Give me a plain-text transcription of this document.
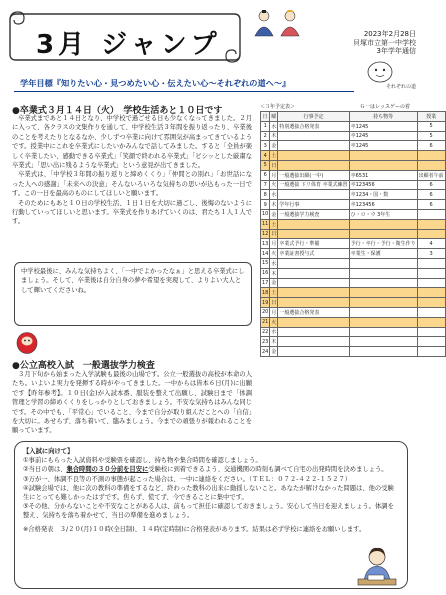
3月 ジャンプ	2023年2月28日
貝塚市立第一中学校
3年学年通信
それぞれの道
学年目標『知りたい心・見つめたい心・伝えたい心〜それぞれの道へ〜』
●卒業式３月１４日（火）　学校生活あと１０日です

卒業式まであと１４日となり、中学校で過ごせる日も少なくなってきました。２月に入って、各クラスの文集作りを通して、中学校生活３年間を振り返ったり、卒業後のことを考えたりとなるなか、少しずつ卒業に向けて雰囲気が高まってきているようです。授業中にこれを卒業式にしたいかみんなで話してみました。すると「全員が楽しく卒業したい、感動できる卒業式」「笑顔で終われる卒業式」「ビシッとした厳粛な卒業式」「思い出に残るような卒業式」という意見が出てきました。

卒業式は、「中学校３年間の振り返りと締めくくり」「仲間との別れ」「お世話になった人への感謝」「未来への決意」そんないろいろな気持ちの思いが込もった一日です。この一日を最高のものにしてほしいと願います。

そのためにもあと１０日の学校生活、１日１日を大切に過ごし、後悔のないように行動していってほしいと思います。卒業式を作りあげていくのは、君たち１人１人です。

中学校最後に、みんな気持ちよく、「一中でよかったなぁ」と思える卒業式にしましょう。そして、卒業後は自分自身の夢や希望を実現して、よりよい大人として輝いてくださいね。
●公立高校入試　一般選抜学力検査
３月下旬から始まった入学試験も最後の山場です。公立一般選抜の高校が本命の人たち。いよいよ実力を発揮する時がやってきました。一中からは皆本６日(月)に出願です【昨年参考】。１０日(金)が入試本番、服装を整えて出願し、試験日まで「体調管理と学習の締めくくりをしっかりとしておきましょう。不安な気持ちはみんな同じです。その中でも、「平常心」でいること、今まで自分が取り組んだことへの「自信」を大切に。あせらず、落ち着いて、臨みましょう。今までの頑張りが報われることを願っています。
【入試に向けて】
①事前にもらった入試資料や受験票を確認し、持ち物や集合時間を確認しましょう。
②当日の朝は、集合時間の３０分前を目安に受験校に到着できるよう、交通機関の時刻も調べて自宅の出発時間を決めましょう。
③万が一、体調不良等の不測の事態が起こった場合は、一中に連絡をください。（ＴＥＬ：０７２-４２２-１５２７）
④試験会場では、他に次の教科の準備をするなど、終わった教科の出来に動揺しないこと。あなたが解けなかった問題は、他の受験生にとっても難しかったはずです。焦らず、慌てず、今できることに集中です。
⑤その他、分からないことや不安なことがある人は、前もって担任に確認しておきましょう。安心して当日を迎えましょう。体調を整え、気持ちを落ち着かせて、当日の準備を進めましょう。
※合格発表　３/２０(月)１０時(全日制)、１４時(定時制)に合格発表があります。結果は必ず学校に連絡をお願いします。
＜３年予定表＞	Ｇ一はレッスゲーの着
日	曜	行事予定	持ち物等	授業
1	水	特別選抜合格発表	卒1245	5
2	木		卒1245	5
3	金		卒1245	6
4	土			
5	日			
6	月	一般選抜出願(一中)	卒6531	出願者午前
7	火	一般選抜 ドリ体育 卒業式練習	卒123456	6
8	水		卒1234・国・数	6
9	木	学年行事	卒123456	6
10	金	一般選抜学力検査	ひ・ロ・ウ 3年生	
11	土			
12	日			
13	月	卒業式予行・準備	予行・卒行・予行・衛生作り	4
14	火	卒業証書授与式	卒業生・保護	3
15	水			
16	木			
17	金			
18	土			
19	日			
20	月	一般選抜合格発表		
21	火			
22	水			
23	木			
24	金			
